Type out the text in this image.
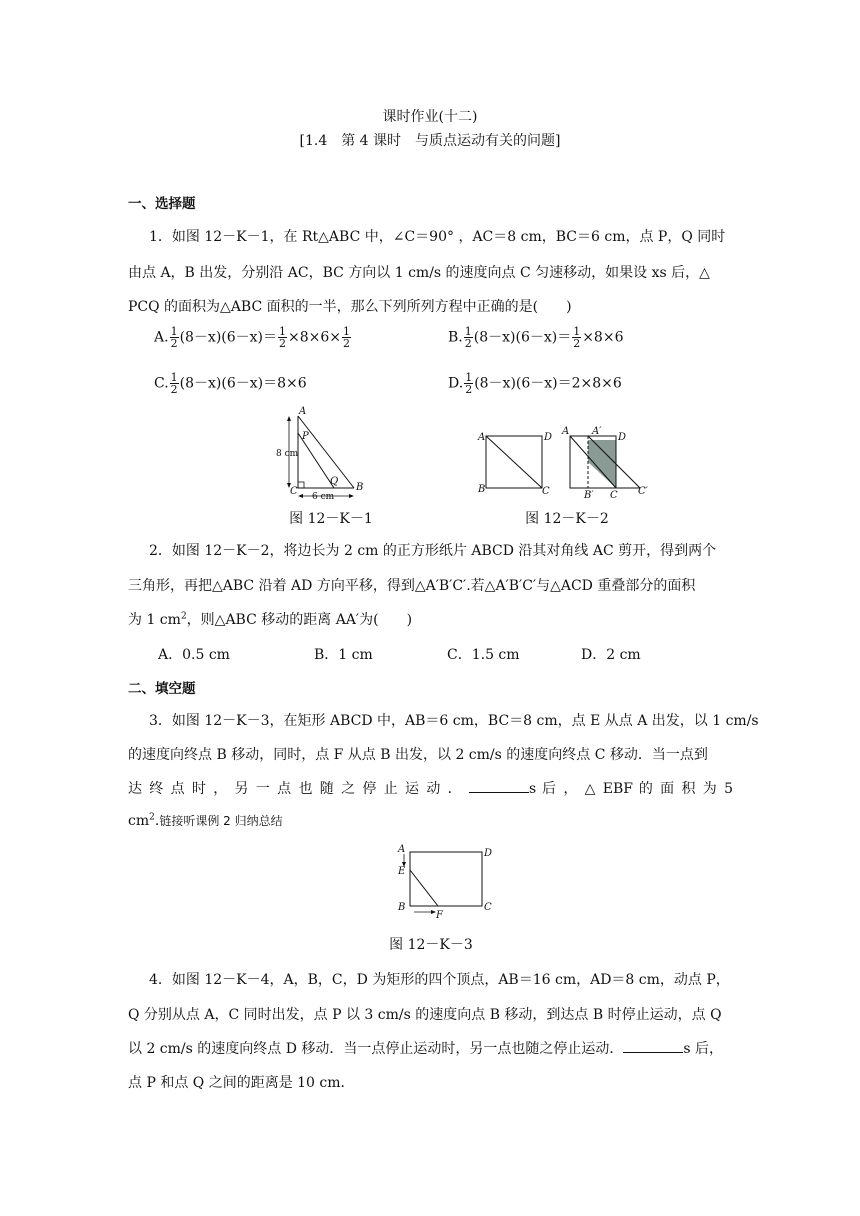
课时作业(十二)
[1.4　第 4 课时　与质点运动有关的问题]
一、选择题
1．如图 12－K－1，在 Rt△ABC 中，∠C＝90° ，AC＝8 cm，BC＝6 cm，点 P，Q 同时
由点 A，B 出发，分别沿 AC，BC 方向以 1 cm/s 的速度向点 C 匀速移动，如果设 xs 后，△
PCQ 的面积为△ABC 面积的一半，那么下列所列方程中正确的是(　　)
A. $\frac{1}{2} (8-x)(6-x)= \frac{1}{2} \times 8\times 6\times \frac{1}{2}$	B. $\frac{1}{2} (8-x)(6-x)= \frac{1}{2} \times 8\times 6$
C. $\frac{1}{2} (8-x)(6-x)=8\times 6$	D. $\frac{1}{2} (8-x)(6-x)=2\times 8\times 6$
A
P
C
Q
B
8 cm
6 cm
A	D
B	C
A A′
D
B′ C C′
图 12－K－1	图 12－K－2
2．如图 12－K－2，将边长为 2 cm 的正方形纸片 ABCD 沿其对角线 AC 剪开，得到两个
三角形，再把△ABC 沿着 AD 方向平移，得到△A′B′C′.若△A′B′C′与△ACD 重叠部分的面积
为 1 $cm^2$，则△ABC 移动的距离 AA′为(　　)
A．0.5 cm	B．1 cm	C．1.5 cm	D．2 cm
二、填空题
3．如图 12－K－3，在矩形 ABCD 中，AB＝6 cm，BC＝8 cm，点 E 从点 A 出发，以 1 cm/s
的速度向终点 B 移动，同时，点 F 从点 B 出发，以 2 cm/s 的速度向终点 C 移动．当一点到
达 终 点 时 ， 另 一 点 也 随 之 停 止 运 动 ．	s 后 ， △ EBF 的 面 积 为 5
$cm^2$.链接听课例 2 归纳总结
A	D
E
B
F
C
图 12－K－3
4．如图 12－K－4，A，B，C，D 为矩形的四个顶点，AB＝16 cm，AD＝8 cm，动点 P，
Q 分别从点 A，C 同时出发，点 P 以 3 cm/s 的速度向点 B 移动，到达点 B 时停止运动，点 Q
以 2 cm/s 的速度向终点 D 移动．当一点停止运动时，另一点也随之停止运动．	s 后，
点 P 和点 Q 之间的距离是 10 cm.
